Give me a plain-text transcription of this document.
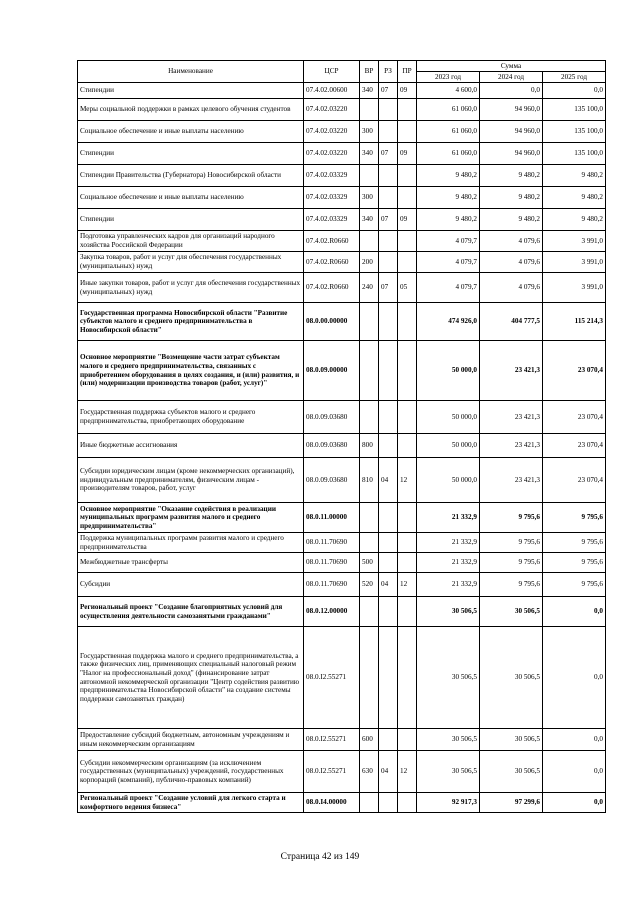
Наименование	ЦСР	ВР	РЗ	ПР	Сумма		
					2023 год	2024 год	2025 год
Стипендии	07.4.02.00600	340	07	09	4 600,0	0,0	0,0
Меры социальной поддержки в рамках целевого обучения студентов	07.4.02.03220				61 060,0	94 960,0	135 100,0
Социальное обеспечение и иные выплаты населению	07.4.02.03220	300			61 060,0	94 960,0	135 100,0
Стипендии	07.4.02.03220	340	07	09	61 060,0	94 960,0	135 100,0
Стипендии Правительства (Губернатора) Новосибирской области	07.4.02.03329				9 480,2	9 480,2	9 480,2
Социальное обеспечение и иные выплаты населению	07.4.02.03329	300			9 480,2	9 480,2	9 480,2
Стипендии	07.4.02.03329	340	07	09	9 480,2	9 480,2	9 480,2
Подготовка управленческих кадров для организаций народного хозяйства Российской Федерации	07.4.02.R0660				4 079,7	4 079,6	3 991,0
Закупка товаров, работ и услуг для обеспечения государственных (муниципальных) нужд	07.4.02.R0660	200			4 079,7	4 079,6	3 991,0
Иные закупки товаров, работ и услуг для обеспечения государственных (муниципальных) нужд	07.4.02.R0660	240	07	05	4 079,7	4 079,6	3 991,0
Государственная программа Новосибирской области "Развитие субъектов малого и среднего предпринимательства в Новосибирской области"	08.0.00.00000				474 926,0	404 777,5	115 214,3
Основное мероприятие "Возмещение части затрат субъектам малого и среднего предпринимательства, связанных с приобретением оборудования в целях создания, и (или) развития, и (или) модернизации производства товаров (работ, услуг)"	08.0.09.00000				50 000,0	23 421,3	23 070,4
Государственная поддержка субъектов малого и среднего предпринимательства, приобретающих оборудование	08.0.09.03680				50 000,0	23 421,3	23 070,4
Иные бюджетные ассигнования	08.0.09.03680	800			50 000,0	23 421,3	23 070,4
Субсидии юридическим лицам (кроме некоммерческих организаций), индивидуальным предпринимателям, физическим лицам - производителям товаров, работ, услуг	08.0.09.03680	810	04	12	50 000,0	23 421,3	23 070,4
Основное мероприятие "Оказание содействия в реализации муниципальных программ развития малого и среднего предпринимательства"	08.0.11.00000				21 332,9	9 795,6	9 795,6
Поддержка муниципальных программ развития малого и среднего предпринимательства	08.0.11.70690				21 332,9	9 795,6	9 795,6
Межбюджетные трансферты	08.0.11.70690	500			21 332,9	9 795,6	9 795,6
Субсидии	08.0.11.70690	520	04	12	21 332,9	9 795,6	9 795,6
Региональный проект "Создание благоприятных условий для осуществления деятельности самозанятыми гражданами"	08.0.12.00000				30 506,5	30 506,5	0,0
Государственная поддержка малого и среднего предпринимательства, а также физических лиц, применяющих специальный налоговый режим "Налог на профессиональный доход" (финансирование затрат автономной некоммерческой организации "Центр содействия развитию предпринимательства Новосибирской области" на создание системы поддержки самозанятых граждан)	08.0.I2.55271				30 506,5	30 506,5	0,0
Предоставление субсидий бюджетным, автономным учреждениям и иным некоммерческим организациям	08.0.I2.55271	600			30 506,5	30 506,5	0,0
Субсидии некоммерческим организациям (за исключением государственных (муниципальных) учреждений, государственных корпораций (компаний), публично-правовых компаний)	08.0.I2.55271	630	04	12	30 506,5	30 506,5	0,0
Региональный проект "Создание условий для легкого старта и комфортного ведения бизнеса"	08.0.I4.00000				92 917,3	97 299,6	0,0
Страница 42 из 149
